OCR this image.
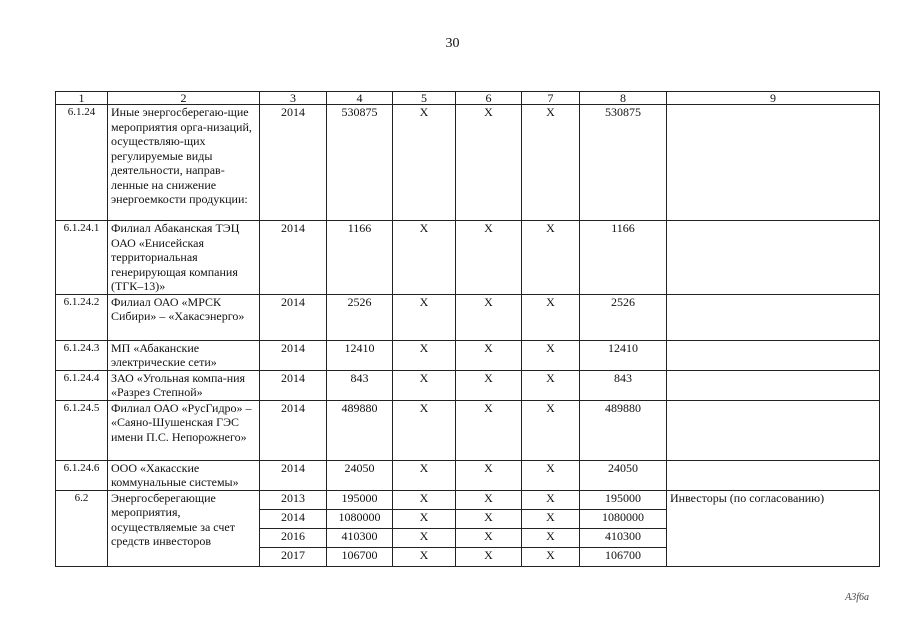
30
1	2	3	4	5	6	7	8	9
6.1.24	Иные энергосберегаю-щие мероприятия орга-низаций, осуществляю-щих регулируемые виды деятельности, направ-ленные на снижение энергоемкости продукции:	2014	530875	X	X	X	530875	
6.1.24.1	Филиал Абаканская ТЭЦ ОАО «Енисейская территориальная генерирующая компания (ТГК–13)»	2014	1166	X	X	X	1166	
6.1.24.2	Филиал ОАО «МРСК Сибири» – «Хакасэнерго»	2014	2526	X	X	X	2526	
6.1.24.3	МП «Абаканские электрические сети»	2014	12410	X	X	X	12410	
6.1.24.4	ЗАО «Угольная компа-ния «Разрез Степной»	2014	843	X	X	X	843	
6.1.24.5	Филиал ОАО «РусГидро» – «Саяно-Шушенская ГЭС имени П.С. Непорожнего»	2014	489880	X	X	X	489880	
6.1.24.6	ООО «Хакасские коммунальные системы»	2014	24050	X	X	X	24050	
6.2	Энергосберегающие мероприятия, осуществляемые за счет средств инвесторов	2013	195000	X	X	X	195000	Инвесторы (по согласованию)
		2014	1080000	X	X	X	1080000	
		2016	410300	X	X	X	410300	
		2017	106700	X	X	X	106700	
A3f6a
